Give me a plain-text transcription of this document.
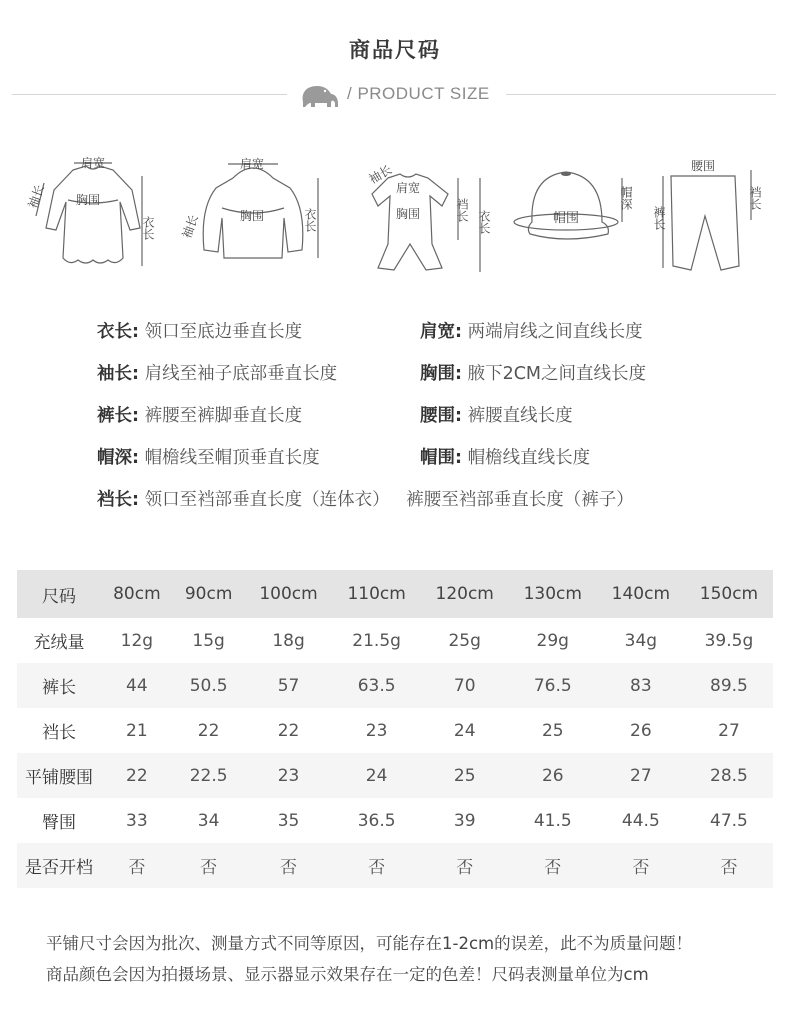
商品尺码
/ PRODUCT SIZE
肩宽
胸围
衣长
袖长
肩宽
胸围	衣长
袖长
袖长
肩宽
胸围	裆长 衣长	帽围
帽深
腰围
裤长
裆长
衣长: 领口至底边垂直长度	肩宽: 两端肩线之间直线长度
袖长: 肩线至袖子底部垂直长度	胸围: 腋下2CM之间直线长度
裤长: 裤腰至裤脚垂直长度	腰围: 裤腰直线长度
帽深: 帽檐线至帽顶垂直长度	帽围: 帽檐线直线长度
裆长: 领口至裆部垂直长度（连体衣）   裤腰至裆部垂直长度（裤子）
尺码	80cm	90cm	100cm	110cm	120cm	130cm	140cm	150cm
充绒量	12g	15g	18g	21.5g	25g	29g	34g	39.5g
裤长	44	50.5	57	63.5	70	76.5	83	89.5
裆长	21	22	22	23	24	25	26	27
平铺腰围	22	22.5	23	24	25	26	27	28.5
臀围	33	34	35	36.5	39	41.5	44.5	47.5
是否开档	否	否	否	否	否	否	否	否
平铺尺寸会因为批次、测量方式不同等原因，可能存在1-2cm的误差，此不为质量问题！
商品颜色会因为拍摄场景、显示器显示效果存在一定的色差！尺码表测量单位为cm
